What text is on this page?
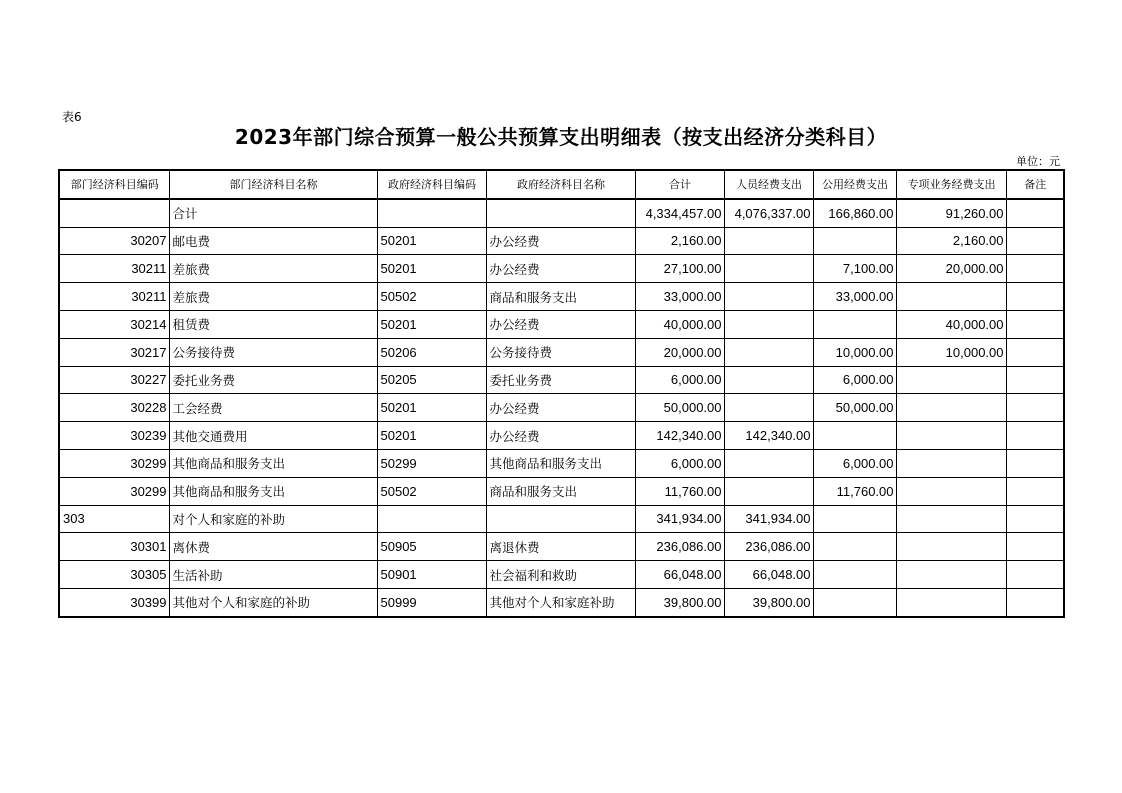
表6
2023年部门综合预算一般公共预算支出明细表（按支出经济分类科目）
单位：元
部门经济科目编码	部门经济科目名称	政府经济科目编码	政府经济科目名称	合计	人员经费支出	公用经费支出	专项业务经费支出	备注
	合计			4,334,457.00	4,076,337.00	166,860.00	91,260.00	
30207	邮电费	50201	办公经费	2,160.00			2,160.00	
30211	差旅费	50201	办公经费	27,100.00		7,100.00	20,000.00	
30211	差旅费	50502	商品和服务支出	33,000.00		33,000.00		
30214	租赁费	50201	办公经费	40,000.00			40,000.00	
30217	公务接待费	50206	公务接待费	20,000.00		10,000.00	10,000.00	
30227	委托业务费	50205	委托业务费	6,000.00		6,000.00		
30228	工会经费	50201	办公经费	50,000.00		50,000.00		
30239	其他交通费用	50201	办公经费	142,340.00	142,340.00			
30299	其他商品和服务支出	50299	其他商品和服务支出	6,000.00		6,000.00		
30299	其他商品和服务支出	50502	商品和服务支出	11,760.00		11,760.00		
303	对个人和家庭的补助			341,934.00	341,934.00			
30301	离休费	50905	离退休费	236,086.00	236,086.00			
30305	生活补助	50901	社会福利和救助	66,048.00	66,048.00			
30399	其他对个人和家庭的补助	50999	其他对个人和家庭补助	39,800.00	39,800.00			
